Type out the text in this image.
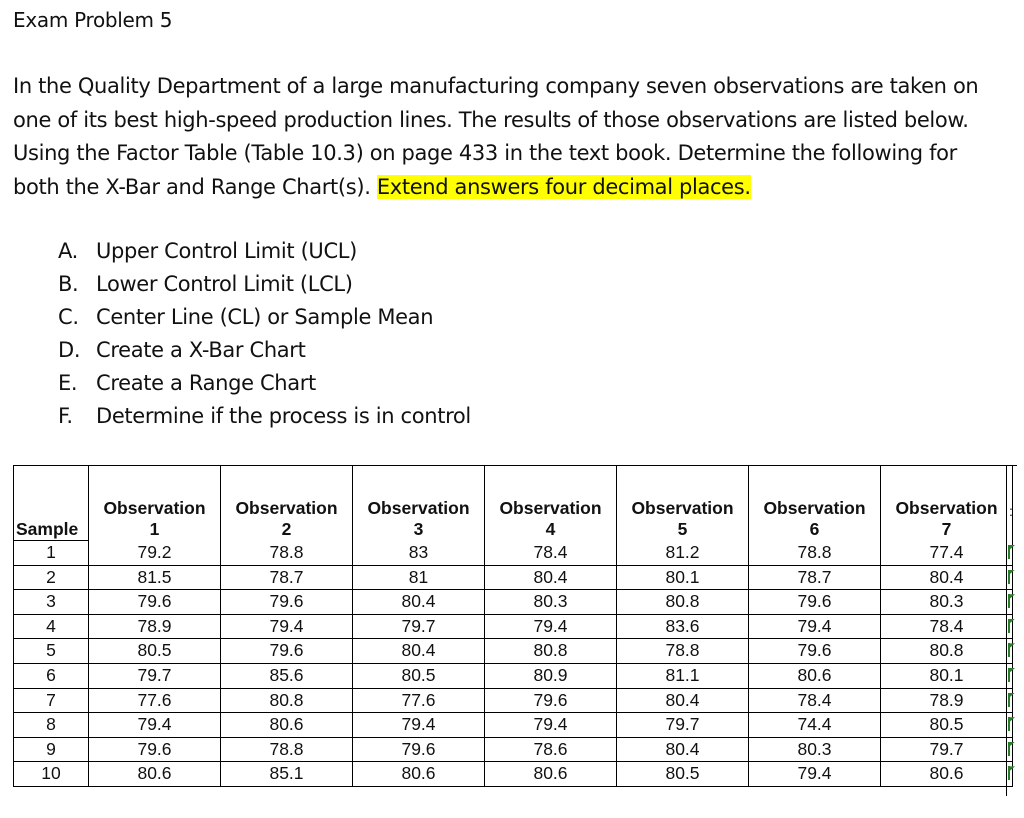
Exam Problem 5
In the Quality Department of a large manufacturing company seven observations are taken on
one of its best high-speed production lines. The results of those observations are listed below.
Using the Factor Table (Table 10.3) on page 433 in the text book. Determine the following for
both the X-Bar and Range Chart(s). Extend answers four decimal places.
A. Upper Control Limit (UCL)
B. Lower Control Limit (LCL)
C. Center Line (CL) or Sample Mean
D. Create a X-Bar Chart
E. Create a Range Chart
F.	Determine if the process is in control
	Observation	Observation	Observation	Observation	Observation	Observation	Observation
Sample	1	2	3	4	5	6	7
1	79.2	78.8	83	78.4	81.2	78.8	77.4
2	81.5	78.7	81	80.4	80.1	78.7	80.4
3	79.6	79.6	80.4	80.3	80.8	79.6	80.3
4	78.9	79.4	79.7	79.4	83.6	79.4	78.4
5	80.5	79.6	80.4	80.8	78.8	79.6	80.8
6	79.7	85.6	80.5	80.9	81.1	80.6	80.1
7	77.6	80.8	77.6	79.6	80.4	78.4	78.9
8	79.4	80.6	79.4	79.4	79.7	74.4	80.5
9	79.6	78.8	79.6	78.6	80.4	80.3	79.7
10	80.6	85.1	80.6	80.6	80.5	79.4	80.6
:
